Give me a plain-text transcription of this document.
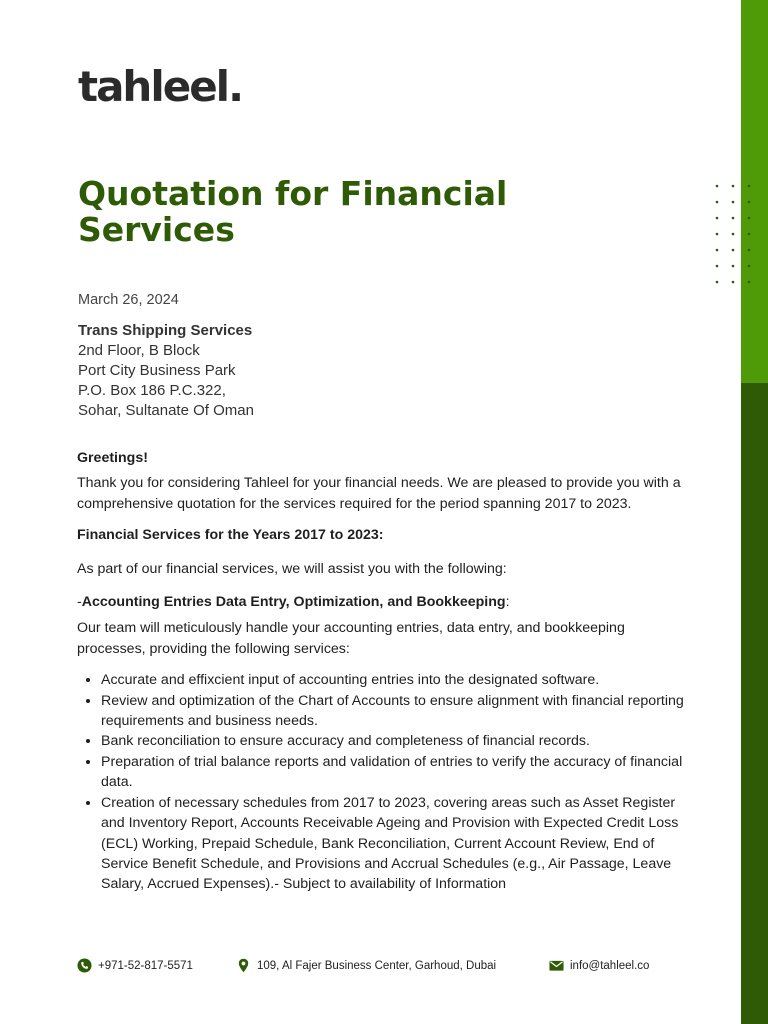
tahleel.
Quotation for Financial Services
March 26, 2024
Trans Shipping Services
2nd Floor, B Block
Port City Business Park
P.O. Box 186 P.C.322,
Sohar, Sultanate Of Oman

Greetings!

Thank you for considering Tahleel for your financial needs. We are pleased to provide you with a comprehensive quotation for the services required for the period spanning 2017 to 2023.

Financial Services for the Years 2017 to 2023:

As part of our financial services, we will assist you with the following:

-Accounting Entries Data Entry, Optimization, and Bookkeeping:

Our team will meticulously handle your accounting entries, data entry, and bookkeeping processes, providing the following services:

• Accurate and effixcient input of accounting entries into the designated software.
• Review and optimization of the Chart of Accounts to ensure alignment with financial reporting requirements and business needs.
• Bank reconciliation to ensure accuracy and completeness of financial records.
• Preparation of trial balance reports and validation of entries to verify the accuracy of financial data.
• Creation of necessary schedules from 2017 to 2023, covering areas such as Asset Register and Inventory Report, Accounts Receivable Ageing and Provision with Expected Credit Loss (ECL) Working, Prepaid Schedule, Bank Reconciliation, Current Account Review, End of Service Benefit Schedule, and Provisions and Accrual Schedules (e.g., Air Passage, Leave Salary, Accrued Expenses).- Subject to availability of Information
+971-52-817-5571	109, Al Fajer Business Center, Garhoud, Dubai	info@tahleel.co
